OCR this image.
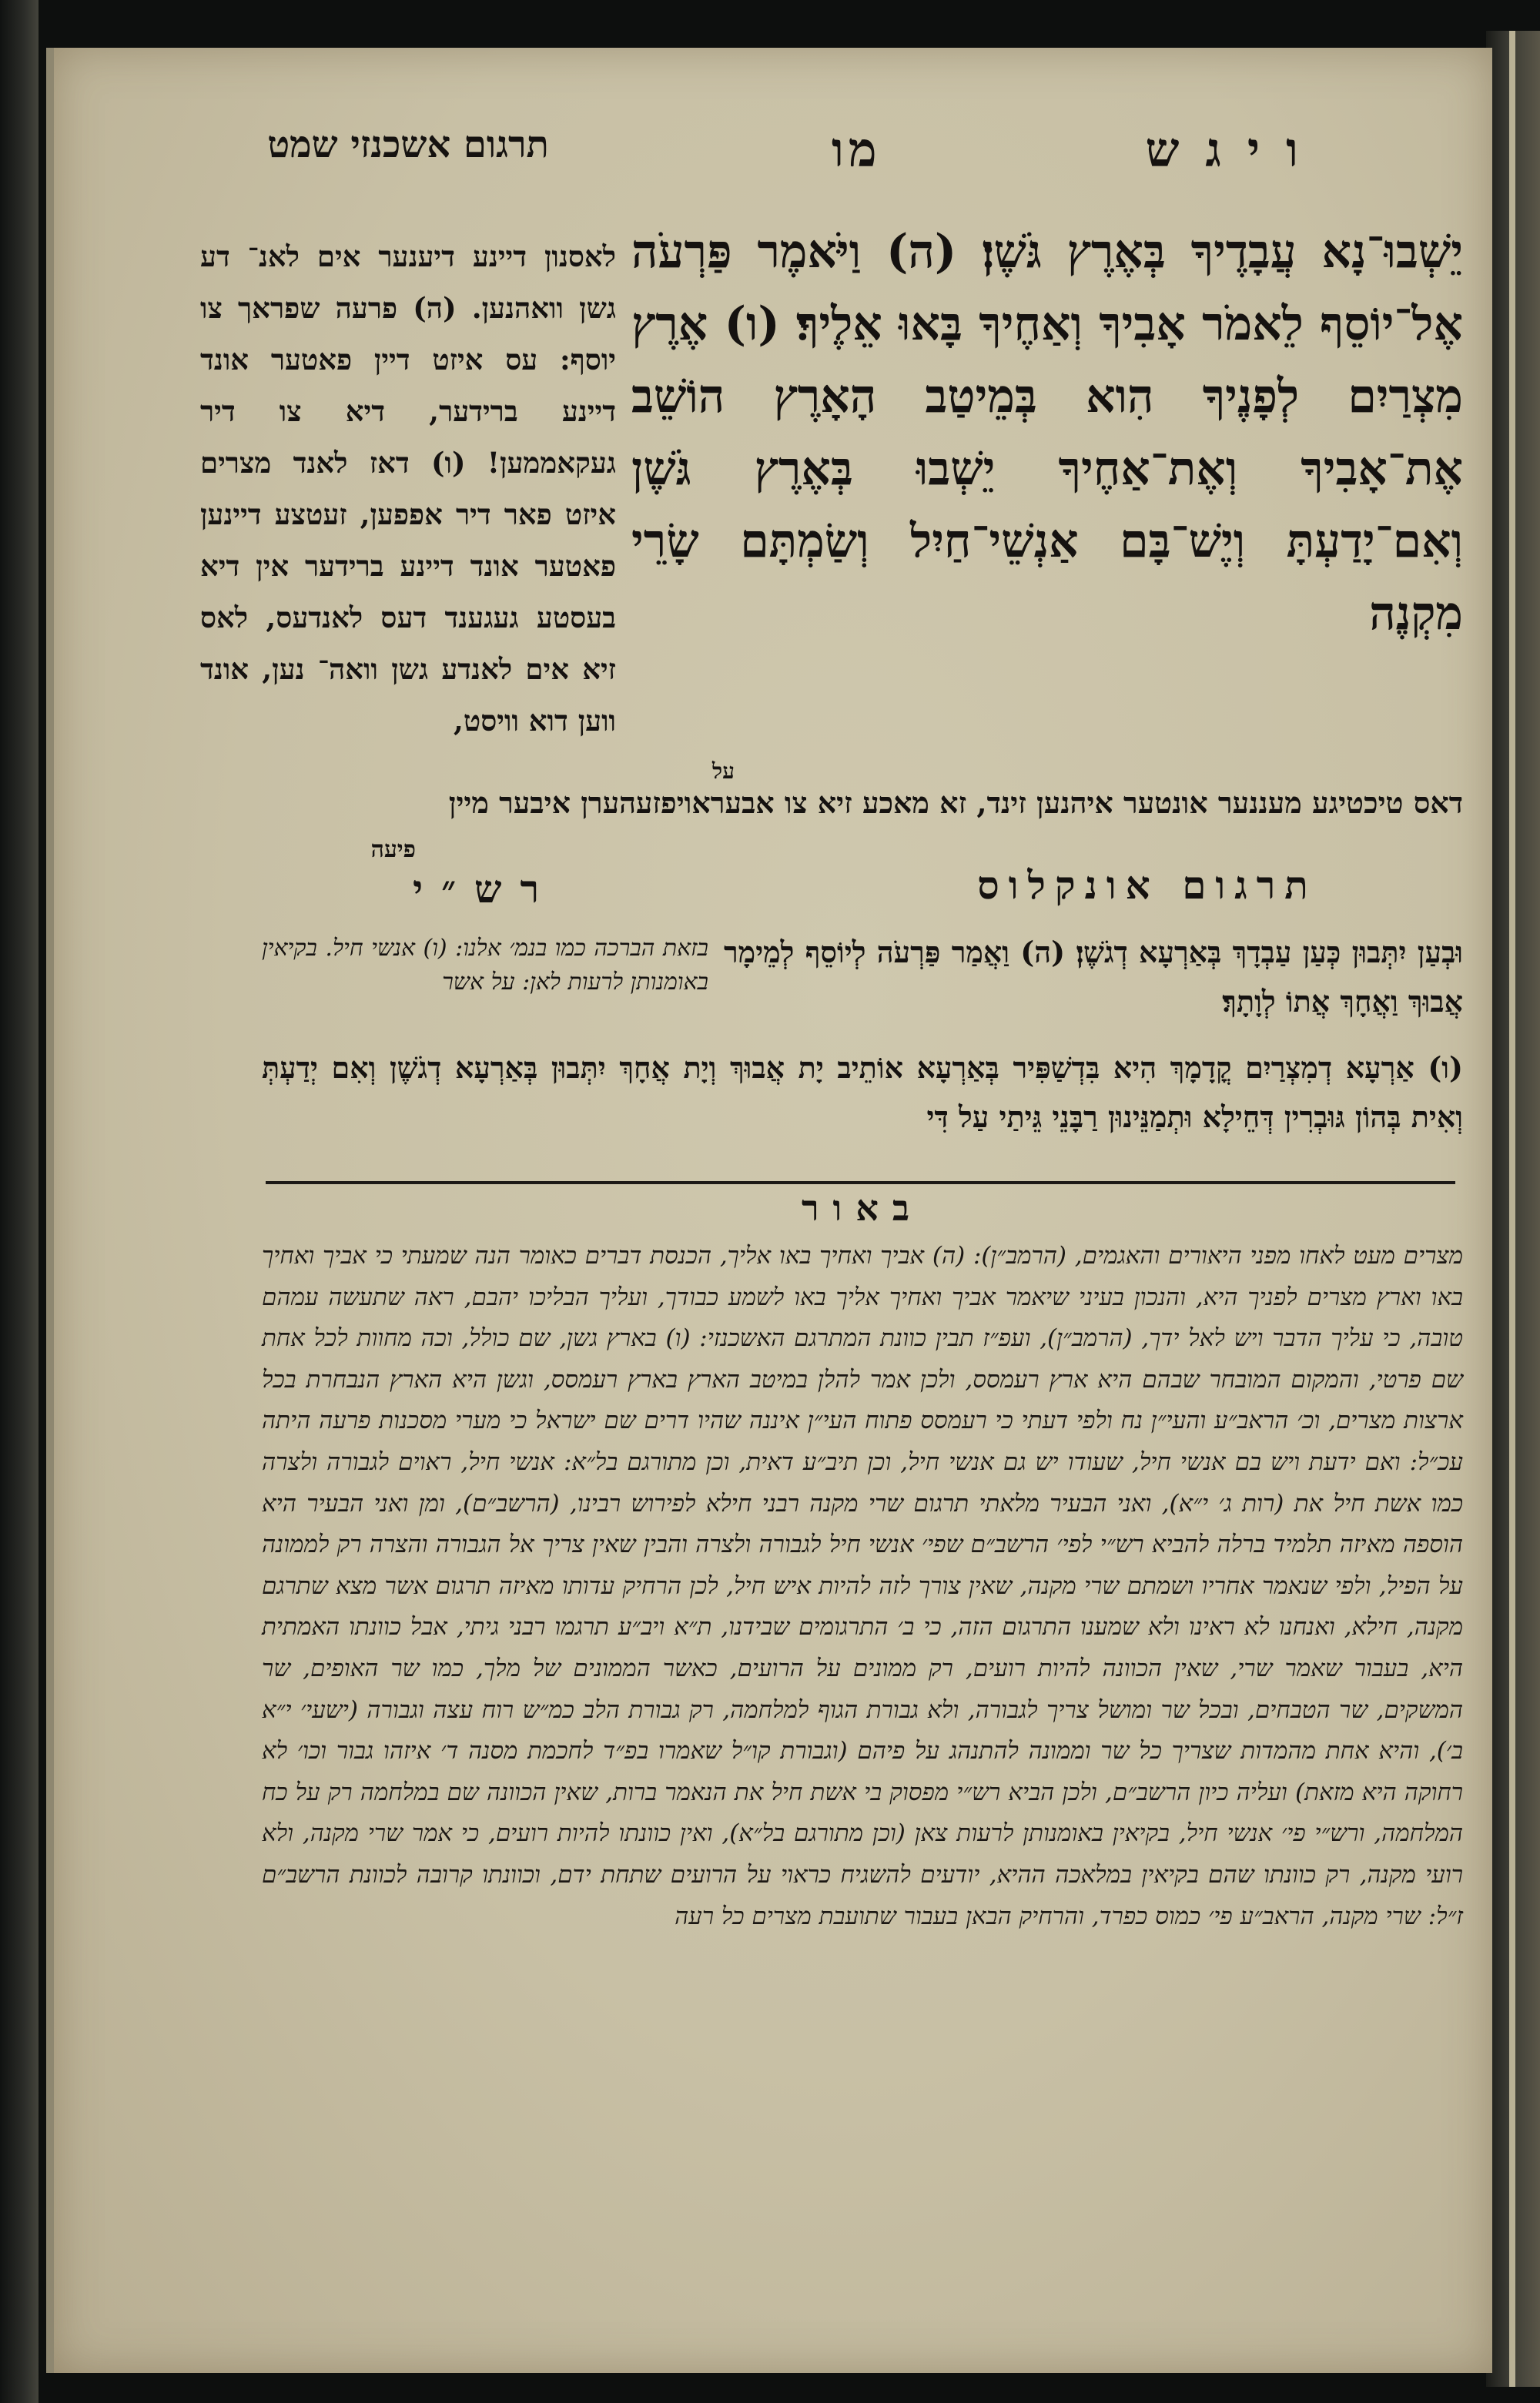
ויגש
מו
תרגום אשכנזי שמט
יֵשְׁבוּ־נָא עֲבָדֶיךָ בְּאֶרֶץ גֹּשֶׁן׃ (ה) וַיֹּאמֶר פַּרְעֹה אֶל־יוֹסֵף לֵאמֹר אָבִיךָ וְאַחֶיךָ בָּאוּ אֵלֶיךָ׃ (ו) אֶרֶץ מִצְרַיִם לְפָנֶיךָ הִוא בְּמֵיטַב הָאָרֶץ הוֹשֵׁב אֶת־אָבִיךָ וְאֶת־אַחֶיךָ יֵשְׁבוּ בְּאֶרֶץ גֹּשֶׁן וְאִם־יָדַעְתָּ וְיֶשׁ־בָּם אַנְשֵׁי־חַיִל וְשַׂמְתָּם שָׂרֵי מִקְנֶה
לאסנון דיינע דיענער אים לאנ־ דע גשן וואהנען. (ה) פרעה שפראך צו יוסף: עס איזט דיין פאטער אונד דיינע ברידער, דיא צו דיר געקאממען! (ו) דאז לאנד מצרים איזט פאר דיר אפפען, זעטצע דיינען פאטער אונד דיינע ברידער אין דיא בעסטע געגענד דעס לאנדעס, לאס זיא אים לאנדע גשן וואה־ נען, אונד ווען דוא וויסט,
על
דאס טיכטיגע מעננער אונטער איהנען זינד, זא מאכע זיא צו אבעראויפזעהערן איבער מיין
פיעה
תרגום אונקלוס
רש״י
וּבְעַן יִתְּבוּן כְּעַן עַבְדָךְ בְּאַרְעָא דְגֹשֶׁן׃ (ה) וַאֲמַר פַּרְעֹה לְיוֹסֵף לְמֵימָר אֲבוּךְ וַאֲחָךְ אֲתוֹ לְוָתָךְ׃
בזאת הברכה כמו בנמ׳ אלנו: (ו) אנשי חיל. בקיאין באומנותן לרעות לאן: על אשר
(ו) אַרְעָא דְמִצְרַיִם קֳדָמָךְ הִיא בִּדְשַׁפִּיר בְּאַרְעָא אוֹתֵיב יָת אֲבוּךְ וְיָת אֲחָךְ יִתְּבוּן בְּאַרְעָא דְגֹשֶׁן וְאִם יְדַעְתְּ וְאִית בְּהוֹן גּוּבְרִין דְּחֵילָא וּתְמַנֵּינוּן רַבָּנֵי גֵּיתַי עַל דִּי
באור

מצרים מעט לאחו מפני היאורים והאגמים, (הרמב״ן): (ה) אביך ואחיך באו אליך, הכנסת דברים כאומר הנה שמעתי כי אביך ואחיך באו וארץ מצרים לפניך היא, והנכון בעיני שיאמר אביך ואחיך אליך באו לשמע כבודך, ועליך הבליכו יהבם, ראה שתעשה עמהם טובה, כי עליך הדבר ויש לאל ידך, (הרמב״ן), ועפ״ז תבין כוונת המתרגם האשכנזי: (ו) בארץ גשן, שם כולל, וכה מחוות לכל אחת שם פרטי, והמקום המובחר שבהם היא ארץ רעמסס, ולכן אמר להלן במיטב הארץ בארץ רעמסס, וגשן היא הארץ הנבחרת בכל ארצות מצרים, וכ׳ הראב״ע והעי״ן נח ולפי דעתי כי רעמסס פתוח העי״ן איננה שהיו דרים שם ישראל כי מערי מסכנות פרעה היתה עכ״ל: ואם ידעת ויש בם אנשי חיל, שעודו יש גם אנשי חיל, וכן תיב״ע דאית, וכן מתורגם בל״א: אנשי חיל, ראוים לגבורה ולצרה כמו אשת חיל את (רות ג׳ י״א), ואני הבעיר מלאתי תרגום שרי מקנה רבני חילא לפירוש רבינו, (הרשב״ם), ומן ואני הבעיר היא הוספה מאיזה תלמיד ברלה להביא רש״י לפי׳ הרשב״ם שפי׳ אנשי חיל לגבורה ולצרה והבין שאין צריך אל הגבורה והצרה רק לממונה על הפיל, ולפי שנאמר אחריו ושמתם שרי מקנה, שאין צורך לזה להיות איש חיל, לכן הרחיק עדותו מאיזה תרגום אשר מצא שתרגם מקנה, חילא, ואנחנו לא ראינו ולא שמענו התרגום הזה, כי ב׳ התרגומים שבידנו, ת״א ויב״ע תרגמו רבני גיתי, אבל כוונתו האמתית היא, בעבור שאמר שרי, שאין הכוונה להיות רועים, רק ממונים על הרועים, כאשר הממונים של מלך, כמו שר האופים, שר המשקים, שר הטבחים, ובכל שר ומושל צריך לגבורה, ולא גבורת הגוף למלחמה, רק גבורת הלב כמ״ש רוח עצה וגבורה (ישעי׳ י״א ב׳), והיא אחת מהמדות שצריך כל שר וממונה להתנהג על פיהם (וגבורת קו״ל שאמרו בפ״ד לחכמת מסנה ד׳ איזהו גבור וכו׳ לא רחוקה היא מזאת) ועליה כיון הרשב״ם, ולכן הביא רש״י מפסוק בי אשת חיל את הנאמר ברות, שאין הכוונה שם במלחמה רק על כח המלחמה, ורש״י פי׳ אנשי חיל, בקיאין באומנותן לרעות צאן (וכן מתורגם בל״א), ואין כוונתו להיות רועים, כי אמר שרי מקנה, ולא רועי מקנה, רק כוונתו שהם בקיאין במלאכה ההיא, יודעים להשגיח כראוי על הרועים שתחת ידם, וכוונתו קרובה לכוונת הרשב״ם ז״ל: שרי מקנה, הראב״ע פי׳ כמוס כפרד, והרחיק הבאן בעבור שתועבת מצרים כל רעה
